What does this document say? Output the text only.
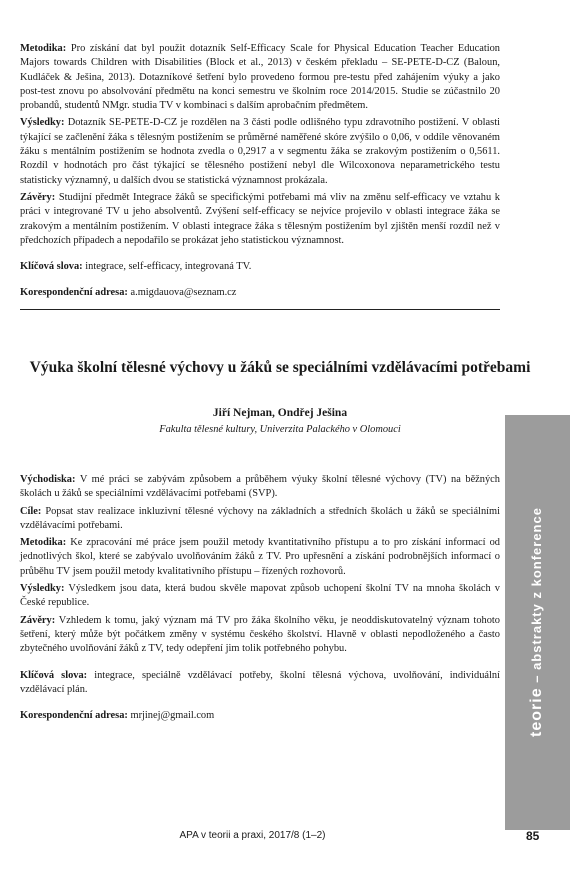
Metodika: Pro získání dat byl použit dotazník Self-Efficacy Scale for Physical Education Teacher Education Majors towards Children with Disabilities (Block et al., 2013) v českém překladu – SE-PETE-D-CZ (Baloun, Kudláček & Ješina, 2013). Dotazníkové šetření bylo provedeno formou pre-testu před zahájením výuky a jako post-test znovu po absolvování předmětu na konci semestru ve školním roce 2014/2015. Studie se zúčastnilo 20 probandů, studentů NMgr. studia TV v kombinaci s dalším aprobačním předmětem.

Výsledky: Dotazník SE-PETE-D-CZ je rozdělen na 3 části podle odlišného typu zdravotního postižení. V oblasti týkající se začlenění žáka s tělesným postižením se průměrné naměřené skóre zvýšilo o 0,06, v oddíle věnovaném žáku s mentálním postižením se hodnota zvedla o 0,2917 a v segmentu žáka se zrakovým postižením o 0,5611. Rozdíl v hodnotách pro část týkající se tělesného postižení nebyl dle Wilcoxonova neparametrického testu statisticky významný, u dalších dvou se statistická významnost prokázala.

Závěry: Studijní předmět Integrace žáků se specifickými potřebami má vliv na změnu self-efficacy ve vztahu k práci v integrované TV u jeho absolventů. Zvýšení self-efficacy se nejvíce projevilo v oblasti integrace žáka se zrakovým a mentálním postižením. V oblasti integrace žáka s tělesným postižením byl zjištěn menší rozdíl než v předchozích případech a nepodařilo se prokázat jeho statistickou významnost.

Klíčová slova: integrace, self-efficacy, integrovaná TV.

Korespondenční adresa: a.migdauova@seznam.cz

Výuka školní tělesné výchovy u žáků se speciálními vzdělávacími potřebami
Jiří Nejman, Ondřej Ješina
Fakulta tělesné kultury, Univerzita Palackého v Olomouci

Východiska: V mé práci se zabývám způsobem a průběhem výuky školní tělesné výchovy (TV) na běžných školách u žáků se speciálními vzdělávacími potřebami (SVP).

Cíle: Popsat stav realizace inkluzivní tělesné výchovy na základních a středních školách u žáků se speciálními vzdělávacími potřebami.

Metodika: Ke zpracování mé práce jsem použil metody kvantitativního přístupu a to pro získání informací od jednotlivých škol, které se zabývalo uvolňováním žáků z TV. Pro upřesnění a získání podrobnějších informací o průběhu TV jsem použil metody kvalitativního přístupu – řízených rozhovorů.

Výsledky: Výsledkem jsou data, která budou skvěle mapovat způsob uchopení školní TV na mnoha školách v České republice.

Závěry: Vzhledem k tomu, jaký význam má TV pro žáka školního věku, je neoddiskutovatelný význam tohoto šetření, který může být počátkem změny v systému českého školství. Hlavně v oblasti nepodloženého a často zbytečného uvolňování žáků z TV, tedy odepření jim tolik potřebného pohybu.

Klíčová slova: integrace, speciálně vzdělávací potřeby, školní tělesná výchova, uvolňování, individuální vzdělávací plán.

Korespondenční adresa: mrjinej@gmail.com	teorie – abstrakty z konference
APA v teorii a praxi, 2017/8 (1–2)	85
